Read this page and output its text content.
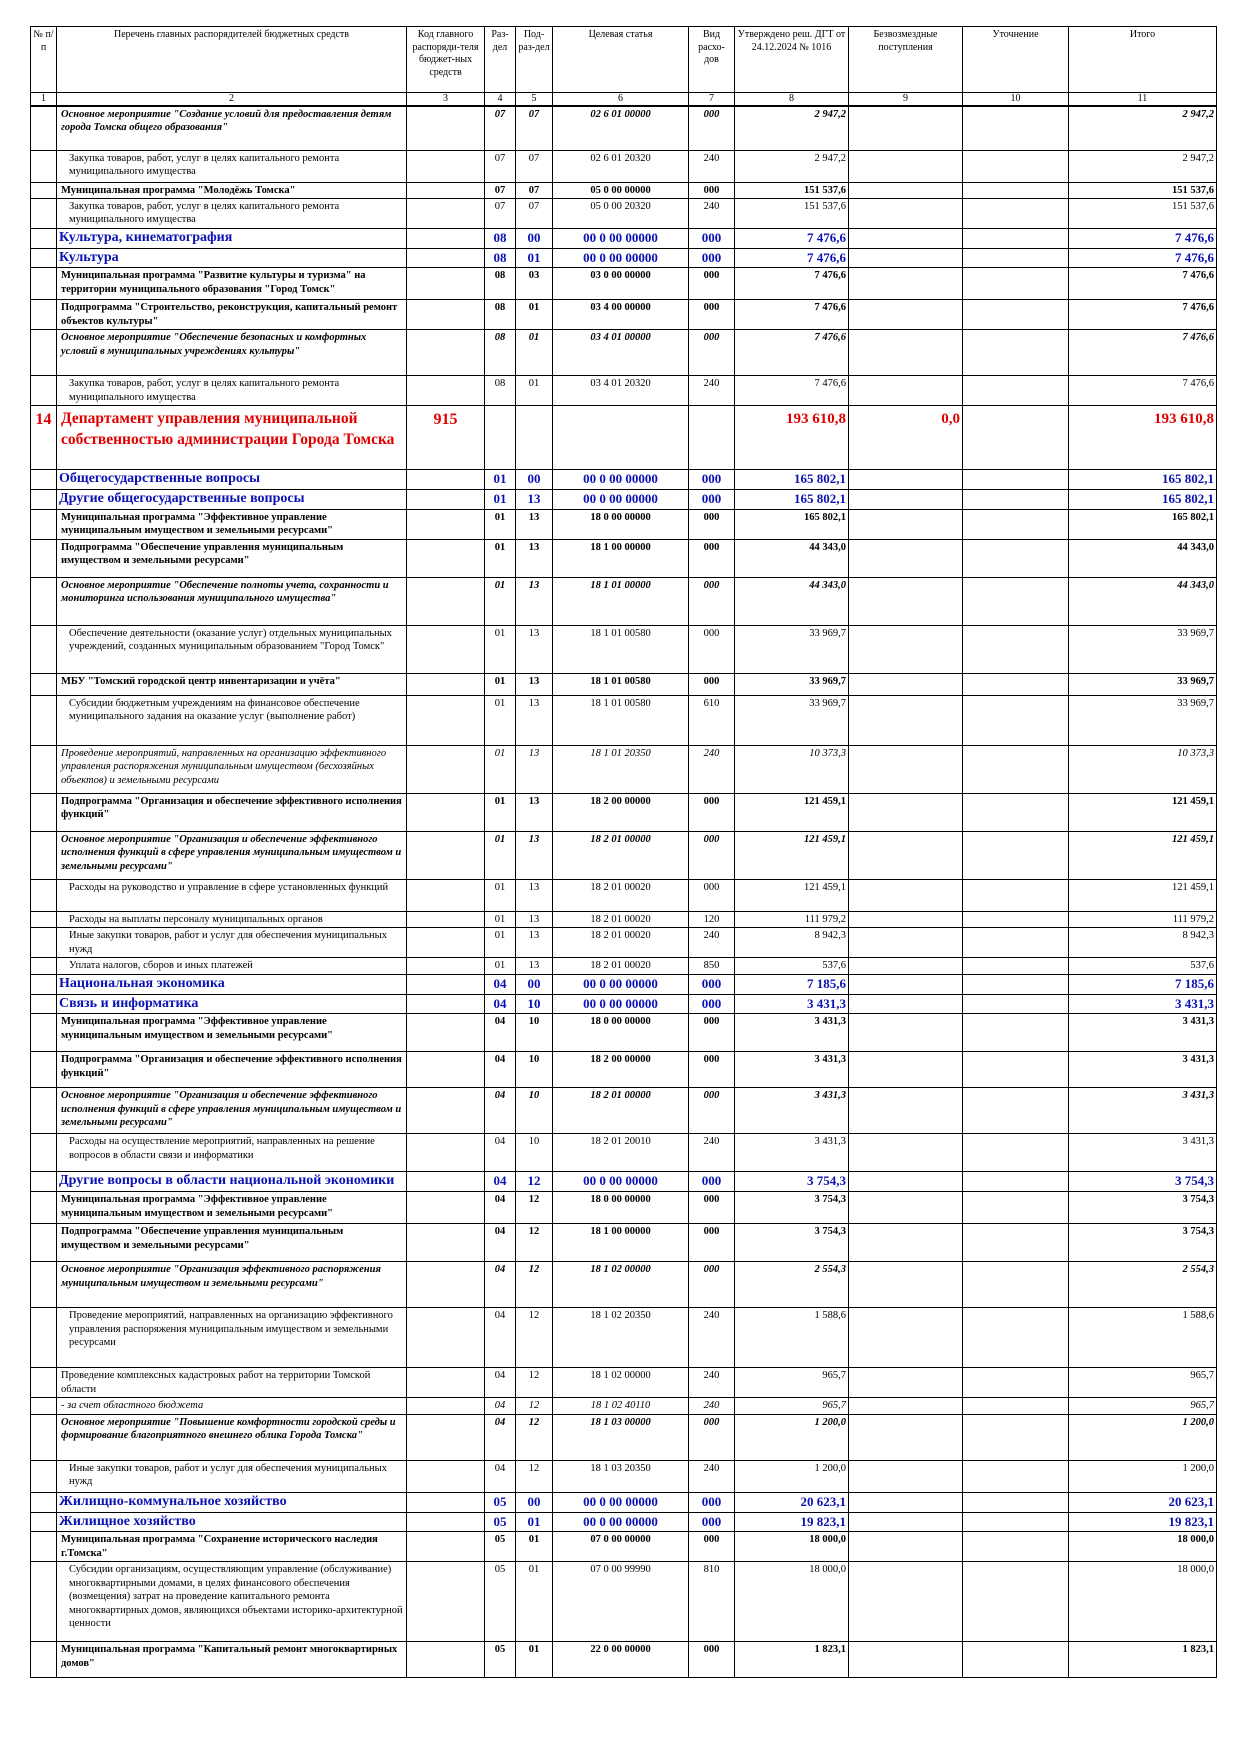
№ п/п	Перечень главных распорядителей бюджетных средств	Код главного распоряди-теля бюджет-ных средств	Раз-дел	Под-раз-дел	Целевая статья	Вид расхо-дов	Утверждено реш. ДГТ от 24.12.2024 № 1016	Безвозмездные поступления	Уточнение	Итого
1	2	3	4	5	6	7	8	9	10	11
	Основное мероприятие "Создание условий для предоставления детям города Томска общего образования"		07	07	02 6 01 00000	000	2 947,2			2 947,2
	Закупка товаров, работ, услуг в целях капитального ремонта муниципального имущества		07	07	02 6 01 20320	240	2 947,2			2 947,2
	Муниципальная программа "Молодёжь Томска"		07	07	05 0 00 00000	000	151 537,6			151 537,6
	Закупка товаров, работ, услуг в целях капитального ремонта муниципального имущества		07	07	05 0 00 20320	240	151 537,6			151 537,6
	Культура, кинематография		08	00	00 0 00 00000	000	7 476,6			7 476,6
	Культура		08	01	00 0 00 00000	000	7 476,6			7 476,6
	Муниципальная программа "Развитие культуры и туризма" на территории муниципального образования "Город Томск"		08	03	03 0 00 00000	000	7 476,6			7 476,6
	Подпрограмма "Строительство, реконструкция, капитальный ремонт объектов культуры"		08	01	03 4 00 00000	000	7 476,6			7 476,6
	Основное мероприятие "Обеспечение безопасных и комфортных условий в муниципальных учреждениях культуры"		08	01	03 4 01 00000	000	7 476,6			7 476,6
	Закупка товаров, работ, услуг в целях капитального ремонта муниципального имущества		08	01	03 4 01 20320	240	7 476,6			7 476,6
14	Департамент управления муниципальной собственностью администрации Города Томска	915					193 610,8	0,0		193 610,8
	Общегосударственные вопросы		01	00	00 0 00 00000	000	165 802,1			165 802,1
	Другие общегосударственные вопросы		01	13	00 0 00 00000	000	165 802,1			165 802,1
	Муниципальная программа "Эффективное управление муниципальным имуществом и земельными ресурсами"		01	13	18 0 00 00000	000	165 802,1			165 802,1
	Подпрограмма "Обеспечение управления муниципальным имуществом и земельными ресурсами"		01	13	18 1 00 00000	000	44 343,0			44 343,0
	Основное мероприятие "Обеспечение полноты учета, сохранности и мониторинга использования муниципального имущества"		01	13	18 1 01 00000	000	44 343,0			44 343,0
	Обеспечение деятельности (оказание услуг) отдельных муниципальных учреждений, созданных муниципальным образованием "Город Томск"		01	13	18 1 01 00580	000	33 969,7			33 969,7
	МБУ "Томский городской центр инвентаризации и учёта"		01	13	18 1 01 00580	000	33 969,7			33 969,7
	Субсидии бюджетным учреждениям на финансовое обеспечение муниципального задания на оказание услуг (выполнение работ)		01	13	18 1 01 00580	610	33 969,7			33 969,7
	Проведение мероприятий, направленных на организацию эффективного управления распоряжения муниципальным имуществом (бесхозяйных объектов) и земельными ресурсами		01	13	18 1 01 20350	240	10 373,3			10 373,3
	Подпрограмма "Организация и обеспечение эффективного исполнения функций"		01	13	18 2 00 00000	000	121 459,1			121 459,1
	Основное мероприятие "Организация и обеспечение эффективного исполнения функций в сфере управления муниципальным имуществом и земельными ресурсами"		01	13	18 2 01 00000	000	121 459,1			121 459,1
	Расходы на руководство и управление в сфере установленных функций		01	13	18 2 01 00020	000	121 459,1			121 459,1
	Расходы на выплаты персоналу муниципальных органов		01	13	18 2 01 00020	120	111 979,2			111 979,2
	Иные закупки товаров, работ и услуг для обеспечения муниципальных нужд		01	13	18 2 01 00020	240	8 942,3			8 942,3
	Уплата налогов, сборов и иных платежей		01	13	18 2 01 00020	850	537,6			537,6
	Национальная экономика		04	00	00 0 00 00000	000	7 185,6			7 185,6
	Связь и информатика		04	10	00 0 00 00000	000	3 431,3			3 431,3
	Муниципальная программа "Эффективное управление муниципальным имуществом и земельными ресурсами"		04	10	18 0 00 00000	000	3 431,3			3 431,3
	Подпрограмма "Организация и обеспечение эффективного исполнения функций"		04	10	18 2 00 00000	000	3 431,3			3 431,3
	Основное мероприятие "Организация и обеспечение эффективного исполнения функций в сфере управления муниципальным имуществом и земельными ресурсами"		04	10	18 2 01 00000	000	3 431,3			3 431,3
	Расходы на осуществление мероприятий, направленных на решение вопросов в области связи и информатики		04	10	18 2 01 20010	240	3 431,3			3 431,3
	Другие вопросы в области национальной экономики		04	12	00 0 00 00000	000	3 754,3			3 754,3
	Муниципальная программа "Эффективное управление муниципальным имуществом и земельными ресурсами"		04	12	18 0 00 00000	000	3 754,3			3 754,3
	Подпрограмма "Обеспечение управления муниципальным имуществом и земельными ресурсами"		04	12	18 1 00 00000	000	3 754,3			3 754,3
	Основное мероприятие "Организация эффективного распоряжения муниципальным имуществом и земельными ресурсами"		04	12	18 1 02 00000	000	2 554,3			2 554,3
	Проведение мероприятий, направленных на организацию эффективного управления распоряжения муниципальным имуществом и земельными ресурсами		04	12	18 1 02 20350	240	1 588,6			1 588,6
	Проведение комплексных кадастровых работ на территории Томской области		04	12	18 1 02 00000	240	965,7			965,7
	- за счет областного бюджета		04	12	18 1 02 40110	240	965,7			965,7
	Основное мероприятие "Повышение комфортности городской среды и формирование благоприятного внешнего облика Города Томска"		04	12	18 1 03 00000	000	1 200,0			1 200,0
	Иные закупки товаров, работ и услуг для обеспечения муниципальных нужд		04	12	18 1 03 20350	240	1 200,0			1 200,0
	Жилищно-коммунальное хозяйство		05	00	00 0 00 00000	000	20 623,1			20 623,1
	Жилищное хозяйство		05	01	00 0 00 00000	000	19 823,1			19 823,1
	Муниципальная программа "Сохранение исторического наследия г.Томска"		05	01	07 0 00 00000	000	18 000,0			18 000,0
	Субсидии организациям, осуществляющим управление (обслуживание) многоквартирными домами, в целях финансового обеспечения (возмещения) затрат на проведение капитального ремонта многоквартирных домов, являющихся объектами историко-архитектурной ценности		05	01	07 0 00 99990	810	18 000,0			18 000,0
	Муниципальная программа "Капитальный ремонт многоквартирных домов"		05	01	22 0 00 00000	000	1 823,1			1 823,1
